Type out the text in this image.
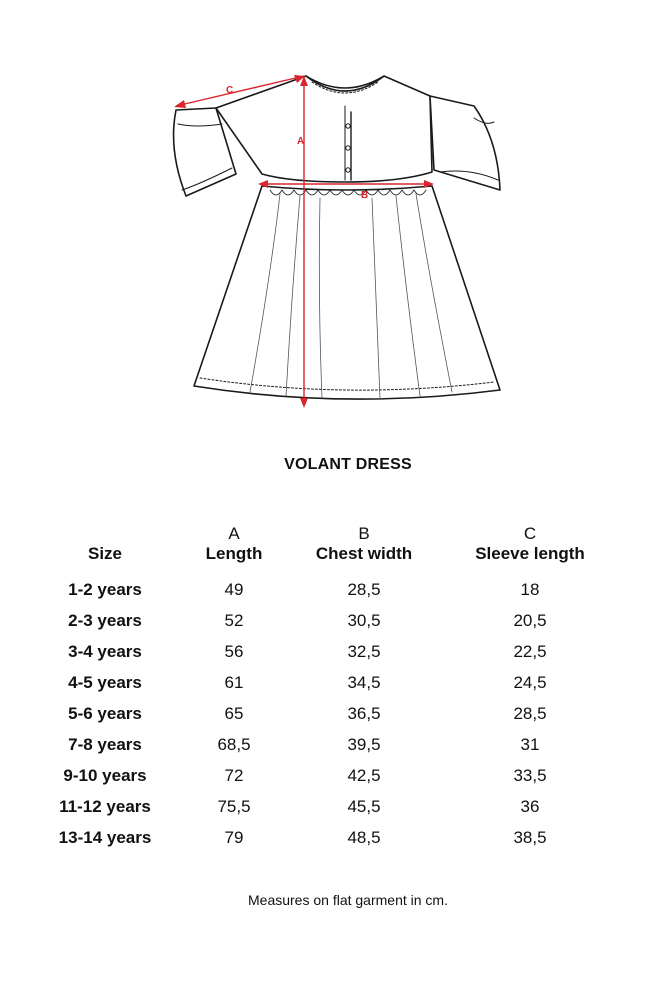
A
B
C
VOLANT DRESS
	A	B	C
Size	Length	Chest width	Sleeve length
1-2 years	49	28,5	18
2-3 years	52	30,5	20,5
3-4 years	56	32,5	22,5
4-5 years	61	34,5	24,5
5-6 years	65	36,5	28,5
7-8 years	68,5	39,5	31
9-10 years	72	42,5	33,5
11-12 years	75,5	45,5	36
13-14 years	79	48,5	38,5
Measures on flat garment in cm.
